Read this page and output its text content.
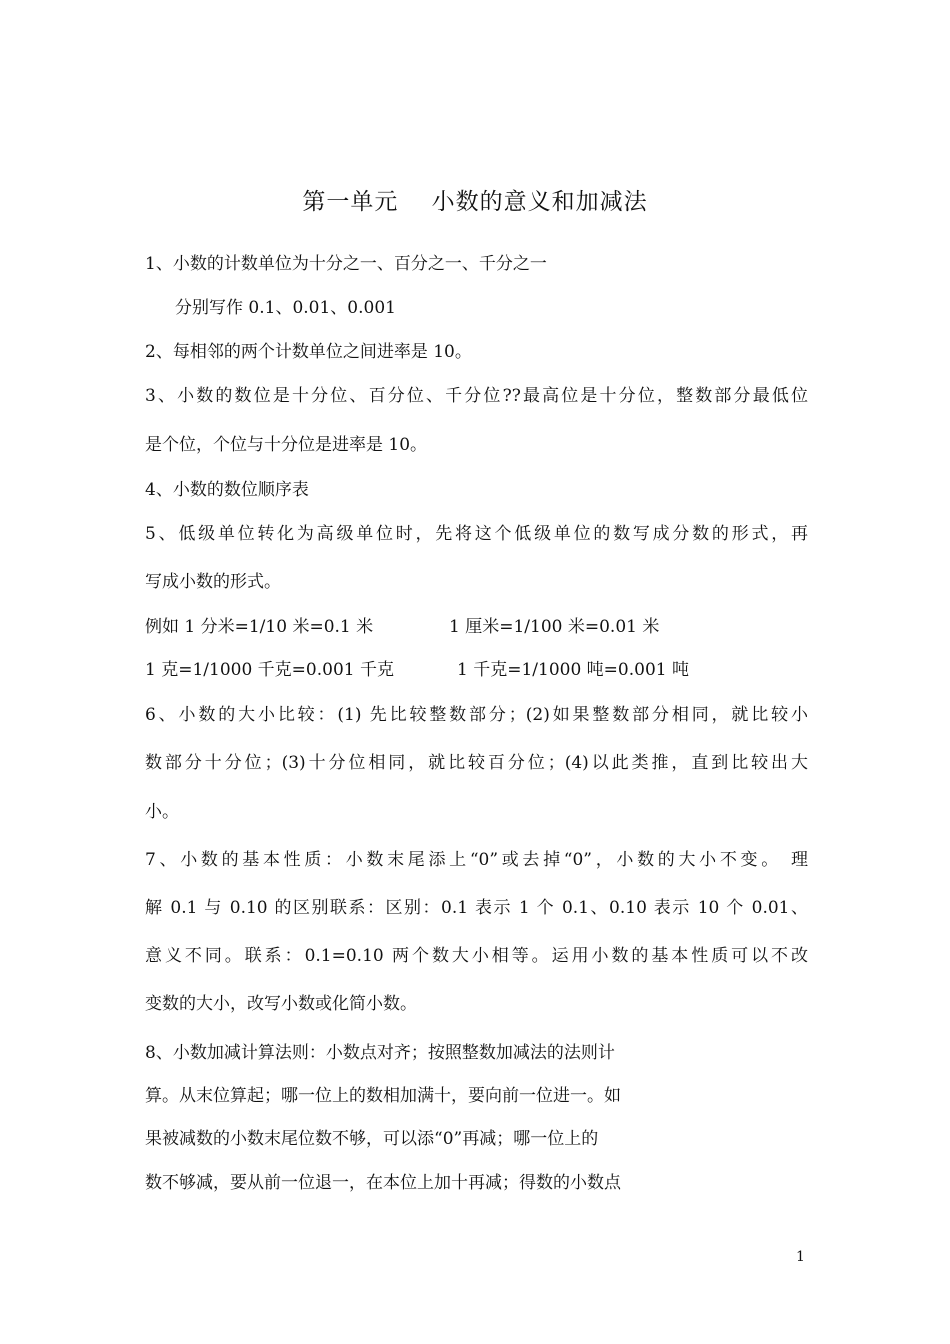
第一单元    小数的意义和加减法
1、小数的计数单位为十分之一、百分之一、千分之一
分别写作 0.1、0.01、0.001
2、每相邻的两个计数单位之间进率是 10。
3、小数的数位是十分位、百分位、千分位??最高位是十分位，整数部分最低位
是个位，个位与十分位是进率是 10。
4、小数的数位顺序表
5、低级单位转化为高级单位时，先将这个低级单位的数写成分数的形式，再
写成小数的形式。
例如 1 分米=1/10 米=0.1 米	1 厘米=1/100 米=0.01 米
1 克=1/1000 千克=0.001 千克	1 千克=1/1000 吨=0.001 吨
6、小数的大小比较：(1) 先比较整数部分；(2)如果整数部分相同，就比较小
数部分十分位；(3)十分位相同，就比较百分位；(4)以此类推，直到比较出大
小。
7、小数的基本性质：小数末尾添上“0”或去掉“0”，小数的大小不变。 理
解 0.1 与 0.10 的区别联系：区别：0.1 表示 1 个 0.1、0.10 表示 10 个 0.01、
意义不同。联系：0.1=0.10 两个数大小相等。运用小数的基本性质可以不改
变数的大小，改写小数或化简小数。
8、小数加减计算法则：小数点对齐；按照整数加减法的法则计
算。从末位算起；哪一位上的数相加满十，要向前一位进一。如
果被减数的小数末尾位数不够，可以添“0”再减；哪一位上的
数不够减，要从前一位退一，在本位上加十再减；得数的小数点
1
